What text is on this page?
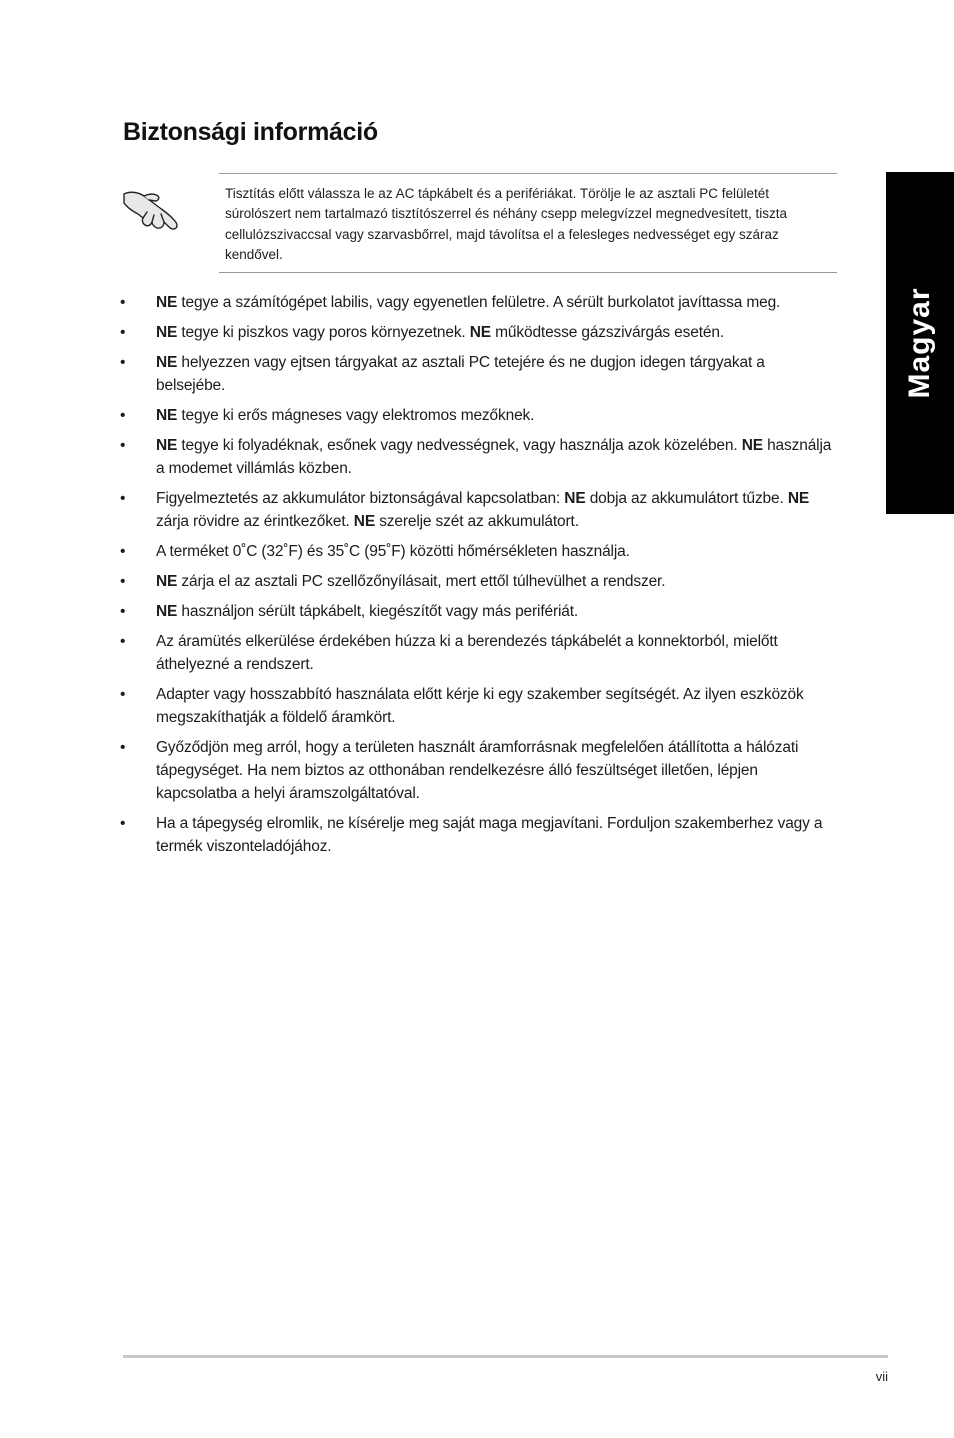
Biztonsági információ
Tisztítás előtt válassza le az AC tápkábelt és a perifériákat. Törölje le az asztali PC felületét súrolószert nem tartalmazó tisztítószerrel és néhány csepp melegvízzel megnedvesített, tiszta cellulózszivaccsal vagy szarvasbőrrel, majd távolítsa el a felesleges nedvességet egy száraz kendővel.
•	NE tegye a számítógépet labilis, vagy egyenetlen felületre. A sérült burkolatot javíttassa meg.
•	NE tegye ki piszkos vagy poros környezetnek. NE működtesse gázszivárgás esetén.
•	NE helyezzen vagy ejtsen tárgyakat az asztali PC tetejére és ne dugjon idegen tárgyakat a belsejébe.
•	NE tegye ki erős mágneses vagy elektromos mezőknek.
•	NE tegye ki folyadéknak, esőnek vagy nedvességnek, vagy használja azok közelében. NE használja a modemet villámlás közben.
•	Figyelmeztetés az akkumulátor biztonságával kapcsolatban: NE dobja az akkumulátort tűzbe. NE zárja rövidre az érintkezőket. NE szerelje szét az akkumulátort.
•	A terméket 0˚C (32˚F) és 35˚C (95˚F) közötti hőmérsékleten használja.
•	NE zárja el az asztali PC szellőzőnyílásait, mert ettől túlhevülhet a rendszer.
•	NE használjon sérült tápkábelt, kiegészítőt vagy más perifériát.
•	Az áramütés elkerülése érdekében húzza ki a berendezés tápkábelét a konnektorból, mielőtt áthelyezné a rendszert.
•	Adapter vagy hosszabbító használata előtt kérje ki egy szakember segítségét. Az ilyen eszközök megszakíthatják a földelő áramkört.
•	Győződjön meg arról, hogy a területen használt áramforrásnak megfelelően átállította a hálózati tápegységet. Ha nem biztos az otthonában rendelkezésre álló feszültséget illetően, lépjen kapcsolatba a helyi áramszolgáltatóval.
•	Ha a tápegység elromlik, ne kísérelje meg saját maga megjavítani. Forduljon szakemberhez vagy a termék viszonteladójához.
Magyar
vii
